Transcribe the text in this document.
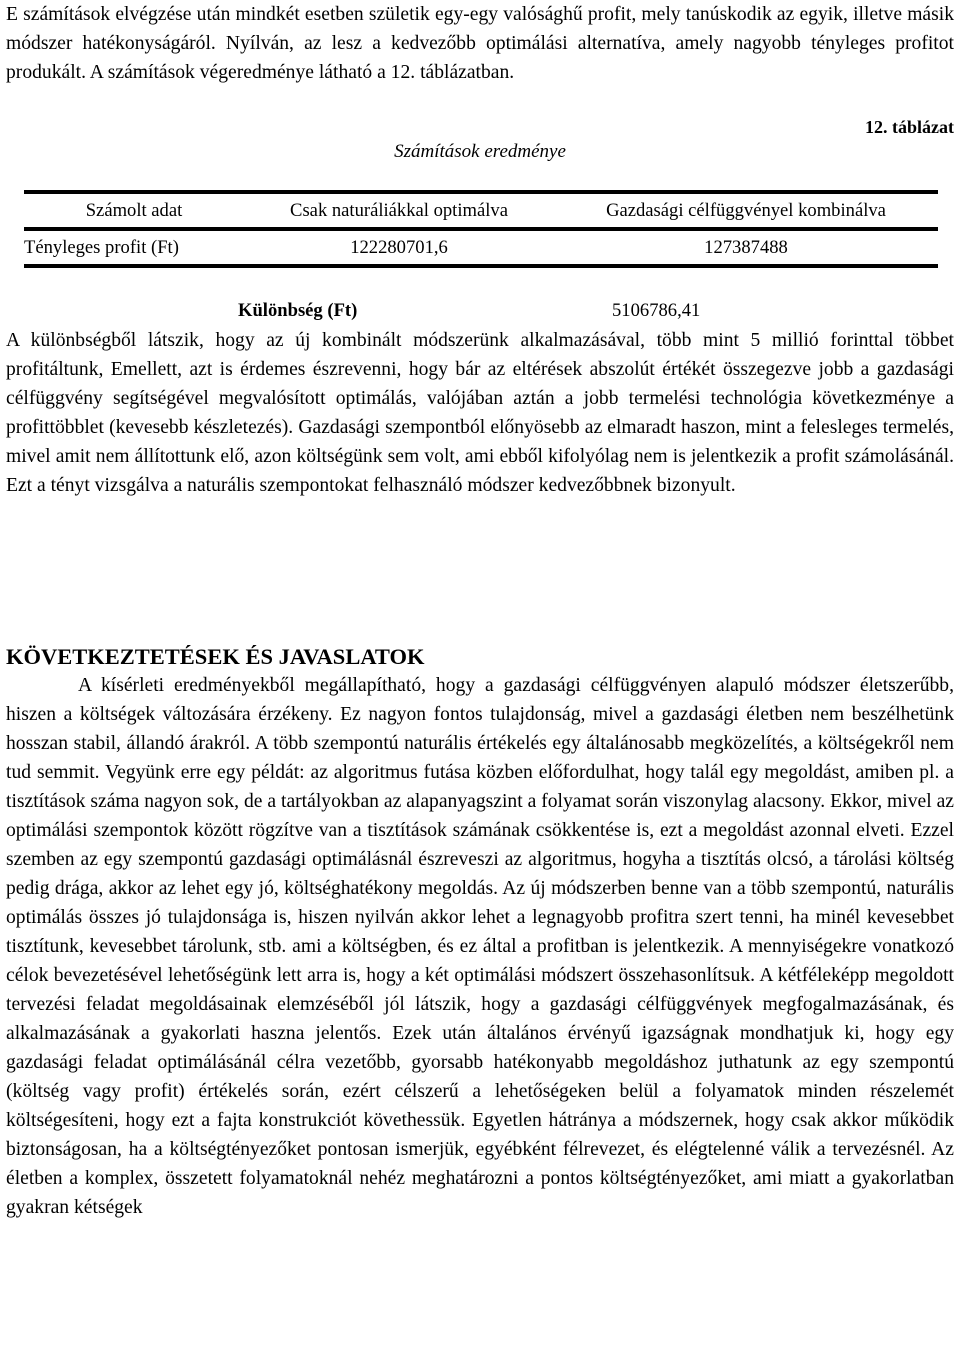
E számítások elvégzése után mindkét esetben születik egy-egy valósághű profit, mely tanúskodik az egyik, illetve másik módszer hatékonyságáról. Nyílván, az lesz a kedvezőbb optimálási alternatíva, amely nagyobb tényleges profitot produkált. A számítások végeredménye látható a 12. táblázatban.

12. táblázat
Számítások eredménye
Számolt adat	Csak naturáliákkal optimálva	Gazdasági célfüggvényel kombinálva
Tényleges profit (Ft)	122280701,6	127387488
Különbség (Ft)	5106786,41

A különbségből látszik, hogy az új kombinált módszerünk alkalmazásával, több mint 5 millió forinttal többet profitáltunk, Emellett, azt is érdemes észrevenni, hogy bár az eltérések abszolút értékét összegezve jobb a gazdasági célfüggvény segítségével megvalósított optimálás, valójában aztán a jobb termelési technológia következménye a profittöbblet (kevesebb készletezés). Gazdasági szempontból előnyösebb az elmaradt haszon, mint a felesleges termelés, mivel amit nem állítottunk elő, azon költségünk sem volt, ami ebből kifolyólag nem is jelentkezik a profit számolásánál. Ezt a tényt vizsgálva a naturális szempontokat felhasználó módszer kedvezőbbnek bizonyult.

KÖVETKEZTETÉSEK ÉS JAVASLATOK

A kísérleti eredményekből megállapítható, hogy a gazdasági célfüggvényen alapuló módszer életszerűbb, hiszen a költségek változására érzékeny. Ez nagyon fontos tulajdonság, mivel a gazdasági életben nem beszélhetünk hosszan stabil, állandó árakról. A több szempontú naturális értékelés egy általánosabb megközelítés, a költségekről nem tud semmit. Vegyünk erre egy példát: az algoritmus futása közben előfordulhat, hogy talál egy megoldást, amiben pl. a tisztítások száma nagyon sok, de a tartályokban az alapanyagszint a folyamat során viszonylag alacsony. Ekkor, mivel az optimálási szempontok között rögzítve van a tisztítások számának csökkentése is, ezt a megoldást azonnal elveti. Ezzel szemben az egy szempontú gazdasági optimálásnál észreveszi az algoritmus, hogyha a tisztítás olcsó, a tárolási költség pedig drága, akkor az lehet egy jó, költséghatékony megoldás. Az új módszerben benne van a több szempontú, naturális optimálás összes jó tulajdonsága is, hiszen nyilván akkor lehet a legnagyobb profitra szert tenni, ha minél kevesebbet tisztítunk, kevesebbet tárolunk, stb. ami a költségben, és ez által a profitban is jelentkezik. A mennyiségekre vonatkozó célok bevezetésével lehetőségünk lett arra is, hogy a két optimálási módszert összehasonlítsuk. A kétféleképp megoldott tervezési feladat megoldásainak elemzéséből jól látszik, hogy a gazdasági célfüggvények megfogalmazásának, és alkalmazásának a gyakorlati haszna jelentős. Ezek után általános érvényű igazságnak mondhatjuk ki, hogy egy gazdasági feladat optimálásánál célra vezetőbb, gyorsabb hatékonyabb megoldáshoz juthatunk az egy szempontú (költség vagy profit) értékelés során, ezért célszerű a lehetőségeken belül a folyamatok minden részelemét költségesíteni, hogy ezt a fajta konstrukciót követhessük. Egyetlen hátránya a módszernek, hogy csak akkor működik biztonságosan, ha a költségtényezőket pontosan ismerjük, egyébként félrevezet, és elégtelenné válik a tervezésnél. Az életben a komplex, összetett folyamatoknál nehéz meghatározni a pontos költségtényezőket, ami miatt a gyakorlatban gyakran kétségek
